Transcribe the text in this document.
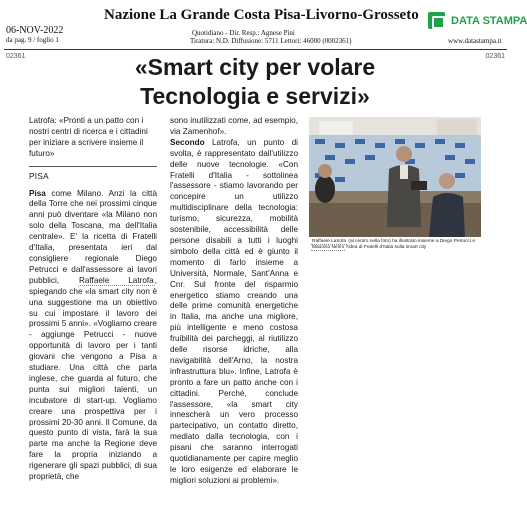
06-NOV-2022
da pag. 9 / foglio 1
Nazione La Grande Costa Pisa-Livorno-Grosseto
Quotidiano - Dir. Resp.: Agnese Pini
Tiratura: N.D. Diffusione: 5711 Lettori: 46000 (0002361)
DATA STAMPA
www.datastampa.it
02361	02361
«Smart city per volare
Tecnologia e servizi»
Latrofa: «Pronti a un patto con i nostri centri di ricerca e i cittadini per iniziare a scrivere insieme il futuro»
PISA
Pisa come Milano. Anzi la città della Torre che nei prossimi cinque anni può diventare «la Milano non solo della Toscana, ma dell'Italia centrale». E' la ricetta di Fratelli d'Italia, presentata ieri dal consigliere regionale Diego Petrucci e dall'assessore ai lavori pubblici, Raffaele Latrofa, spiegando che «la smart city non è una suggestione ma un obiettivo su cui impostare il lavoro dei prossimi 5 anni». «Vogliamo creare - aggiunge Petrucci - nuove opportunità di lavoro per i tanti giovani che vengono a Pisa a studiare. Una città che parla inglese, che guarda al futuro, che punta sui migliori talenti, un incubatore di start-up. Vogliamo creare una prospettiva per i prossimi 20-30 anni. Il Comune, da questo punto di vista, farà la sua parte ma anche la Regione deve fare la propria iniziando a rigenerare gli spazi pubblici, di sua proprietà, che
sono inutilizzati come, ad esempio, via Zamenhof».
Secondo Latrofa, un punto di svolta, è rappresentato dall'utilizzo delle nuove tecnologie. «Con Fratelli d'Italia - sottolinea l'assessore - stiamo lavorando per concepire un utilizzo multidisciplinare della tecnologia: turismo, sicurezza, mobilità sostenibile, accessibilità delle persone disabili a tutti i luoghi simbolo della città ed è giunto il momento di farlo insieme a Università, Normale, Sant'Anna e Cnr. Sul fronte del risparmio energetico stiamo creando una delle prime comunità energetiche in Italia, ma anche una migliore, più intelligente e meno costosa fruibilità dei parcheggi, al riutilizzo delle risorse idriche, alla navigabilità dell'Arno, la nostra infrastruttura blu». Infine, Latrofa è pronto a fare un patto anche con i cittadini. Perché, conclude l'assessore, «la smart city innescherà un vero processo partecipativo, un contatto diretto, mediato dalla tecnologia, con i pisani che saranno interrogati quotidianamente per capire meglio le loro esigenze ed elaborare le migliori soluzioni ai problemi».
Raffaele Latrofa (al centro nella foto) ha illustrato insieme a Diego Petrucci e Maurizio Nerini l'idea di Fratelli d'Italia sulla smart city
